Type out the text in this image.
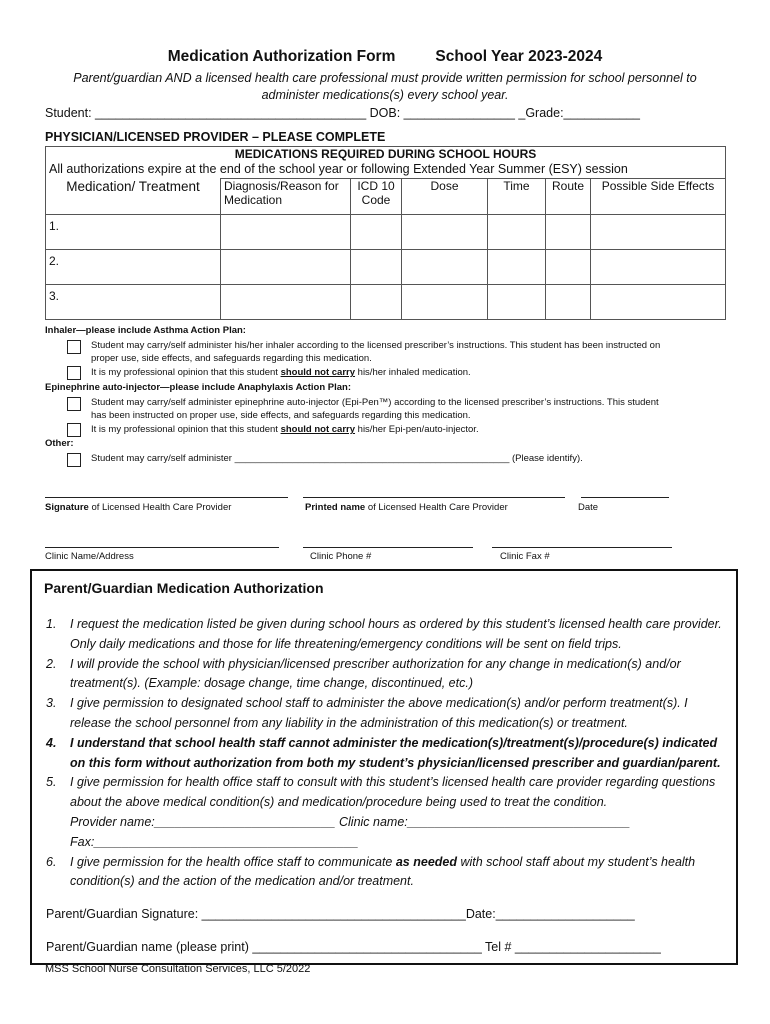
Medication Authorization Form	School Year 2023-2024
Parent/guardian AND a licensed health care professional must provide written permission for school personnel to administer medications(s) every school year.
Student: _______________________________________ DOB: ________________ _Grade:___________
PHYSICIAN/LICENSED PROVIDER – PLEASE COMPLETE
MEDICATIONS REQUIRED DURING SCHOOL HOURS						
All authorizations expire at the end of the school year or following Extended Year Summer (ESY) session						
Medication/ Treatment	Diagnosis/Reason for Medication	ICD 10 Code	Dose	Time	Route	Possible Side Effects
1.						
2.						
3.						
Inhaler—please include Asthma Action Plan:
Student may carry/self administer his/her inhaler according to the licensed prescriber’s instructions. This student has been instructed on
proper use, side effects, and safeguards regarding this medication.
It is my professional opinion that this student should not carry his/her inhaled medication.
Epinephrine auto-injector—please include Anaphylaxis Action Plan:
Student may carry/self administer epinephrine auto-injector (Epi-Pen™) according to the licensed prescriber’s instructions. This student
has been instructed on proper use, side effects, and safeguards regarding this medication.
It is my professional opinion that this student should not carry his/her Epi-pen/auto-injector.
Other:
Student may carry/self administer ____________________________________________________ (Please identify).
Signature of Licensed Health Care Provider	Printed name of Licensed Health Care Provider	Date
Clinic Name/Address	Clinic Phone #	Clinic Fax #
Parent/Guardian Medication Authorization
1.	I request the medication listed be given during school hours as ordered by this student’s licensed health care provider. Only daily medications and those for life threatening/emergency conditions will be sent on field trips.
2.	I will provide the school with physician/licensed prescriber authorization for any change in medication(s) and/or treatment(s). (Example: dosage change, time change, discontinued, etc.)
3.	I give permission to designated school staff to administer the above medication(s) and/or perform treatment(s). I release the school personnel from any liability in the administration of this medication(s) or treatment.
4.	I understand that school health staff cannot administer the medication(s)/treatment(s)/procedure(s) indicated on this form without authorization from both my student’s physician/licensed prescriber and guardian/parent.
5.	I give permission for health office staff to consult with this student’s licensed health care provider regarding questions about the above medical condition(s) and medication/procedure being used to treat the condition.
Provider name:__________________________ Clinic name:________________________________
Fax:______________________________________
6.	I give permission for the health office staff to communicate as needed with school staff about my student’s health condition(s) and the action of the medication and/or treatment.
Parent/Guardian Signature: ______________________________________Date:____________________
Parent/Guardian name (please print) _________________________________ Tel # _____________________
MSS School Nurse Consultation Services, LLC 5/2022
